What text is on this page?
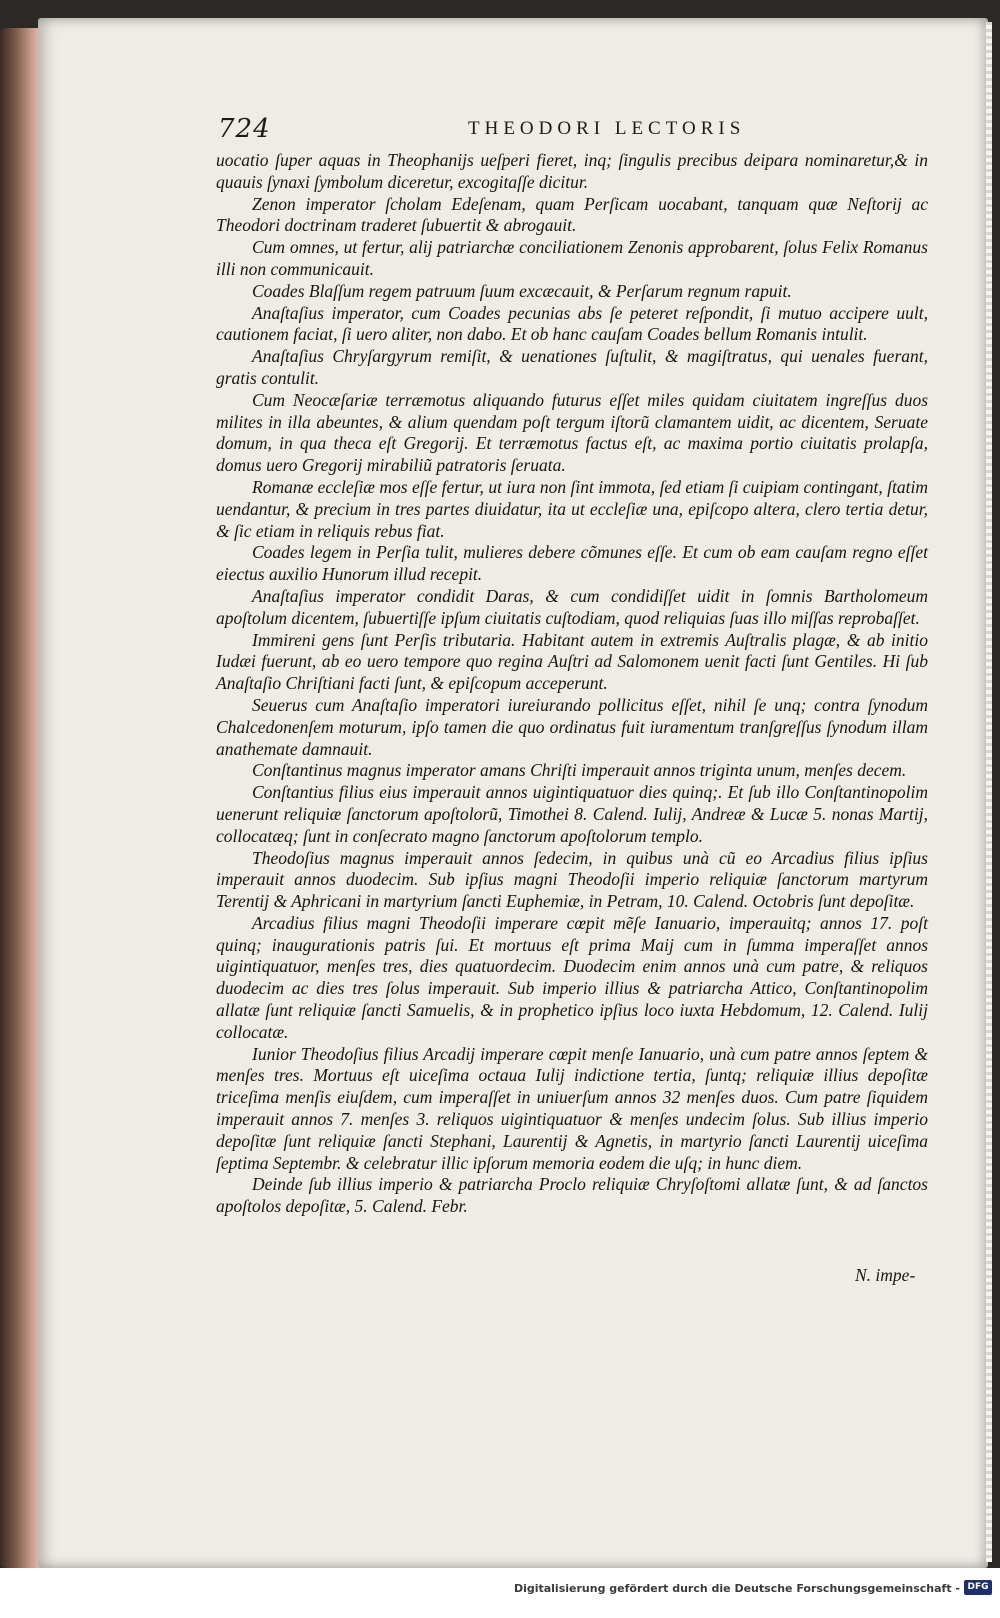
724	THEODORI LECTORIS

uocatio ſuper aquas in Theophanijs ueſperi fieret, inq; ſingulis precibus deipara nominaretur,& in quauis ſynaxi ſymbolum diceretur, excogitaſſe dicitur.

Zenon imperator ſcholam Edeſenam, quam Perſicam uocabant, tanquam quæ Neſtorij ac Theodori doctrinam traderet ſubuertit & abrogauit.

Cum omnes, ut fertur, alij patriarchæ conciliationem Zenonis approbarent, ſolus Felix Romanus illi non communicauit.

Coades Blaſſum regem patruum ſuum excæcauit, & Perſarum regnum rapuit.

Anaſtaſius imperator, cum Coades pecunias abs ſe peteret reſpondit, ſi mutuo accipere uult, cautionem faciat, ſi uero aliter, non dabo. Et ob hanc cauſam Coades bellum Romanis intulit.

Anaſtaſius Chryſargyrum remiſit, & uenationes ſuſtulit, & magiſtratus, qui uenales fuerant, gratis contulit.

Cum Neocæſariæ terræmotus aliquando futurus eſſet miles quidam ciuitatem ingreſſus duos milites in illa abeuntes, & alium quendam poſt tergum iſtorũ clamantem uidit, ac dicentem, Seruate domum, in qua theca eſt Gregorij. Et terræmotus factus eſt, ac maxima portio ciuitatis prolapſa, domus uero Gregorij mirabiliũ patratoris ſeruata.

Romanæ eccleſiæ mos eſſe fertur, ut iura non ſint immota, ſed etiam ſi cuipiam contingant, ſtatim uendantur, & precium in tres partes diuidatur, ita ut eccleſiæ una, epiſcopo altera, clero tertia detur, & ſic etiam in reliquis rebus fiat.

Coades legem in Perſia tulit, mulieres debere cõmunes eſſe. Et cum ob eam cauſam regno eſſet eiectus auxilio Hunorum illud recepit.

Anaſtaſius imperator condidit Daras, & cum condidiſſet uidit in ſomnis Bartholomeum apoſtolum dicentem, ſubuertiſſe ipſum ciuitatis cuſtodiam, quod reliquias ſuas illo miſſas reprobaſſet.

Immireni gens ſunt Perſis tributaria. Habitant autem in extremis Auſtralis plagæ, & ab initio Iudæi fuerunt, ab eo uero tempore quo regina Auſtri ad Salomonem uenit facti ſunt Gentiles. Hi ſub Anaſtaſio Chriſtiani facti ſunt, & epiſcopum acceperunt.

Seuerus cum Anaſtaſio imperatori iureiurando pollicitus eſſet, nihil ſe unq; contra ſynodum Chalcedonenſem moturum, ipſo tamen die quo ordinatus fuit iuramentum tranſgreſſus ſynodum illam anathemate damnauit.

Conſtantinus magnus imperator amans Chriſti imperauit annos triginta unum, menſes decem.

Conſtantius filius eius imperauit annos uigintiquatuor dies quinq;. Et ſub illo Conſtantinopolim uenerunt reliquiæ ſanctorum apoſtolorũ, Timothei 8. Calend. Iulij, Andreæ & Lucæ 5. nonas Martij, collocatæq; ſunt in conſecrato magno ſanctorum apoſtolorum templo.

Theodoſius magnus imperauit annos ſedecim, in quibus unà cũ eo Arcadius filius ipſius imperauit annos duodecim. Sub ipſius magni Theodoſii imperio reliquiæ ſanctorum martyrum Terentij & Aphricani in martyrium ſancti Euphemiæ, in Petram, 10. Calend. Octobris ſunt depoſitæ.

Arcadius filius magni Theodoſii imperare cœpit mẽſe Ianuario, imperauitq; annos 17. poſt quinq; inaugurationis patris ſui. Et mortuus eſt prima Maij cum in ſumma imperaſſet annos uigintiquatuor, menſes tres, dies quatuordecim. Duodecim enim annos unà cum patre, & reliquos duodecim ac dies tres ſolus imperauit. Sub imperio illius & patriarcha Attico, Conſtantinopolim allatæ ſunt reliquiæ ſancti Samuelis, & in prophetico ipſius loco iuxta Hebdomum, 12. Calend. Iulij collocatæ.

Iunior Theodoſius filius Arcadij imperare cœpit menſe Ianuario, unà cum patre annos ſeptem & menſes tres. Mortuus eſt uiceſima octaua Iulij indictione tertia, ſuntq; reliquiæ illius depoſitæ triceſima menſis eiuſdem, cum imperaſſet in uniuerſum annos 32 menſes duos. Cum patre ſiquidem imperauit annos 7. menſes 3. reliquos uigintiquatuor & menſes undecim ſolus. Sub illius imperio depoſitæ ſunt reliquiæ ſancti Stephani, Laurentij & Agnetis, in martyrio ſancti Laurentij uiceſima ſeptima Septembr. & celebratur illic ipſorum memoria eodem die uſq; in hunc diem.

Deinde ſub illius imperio & patriarcha Proclo reliquiæ Chryſoſtomi allatæ ſunt, & ad ſanctos apoſtolos depoſitæ, 5. Calend. Febr.

N. impe-
Digitalisierung gefördert durch die Deutsche Forschungsgemeinschaft - DFG
